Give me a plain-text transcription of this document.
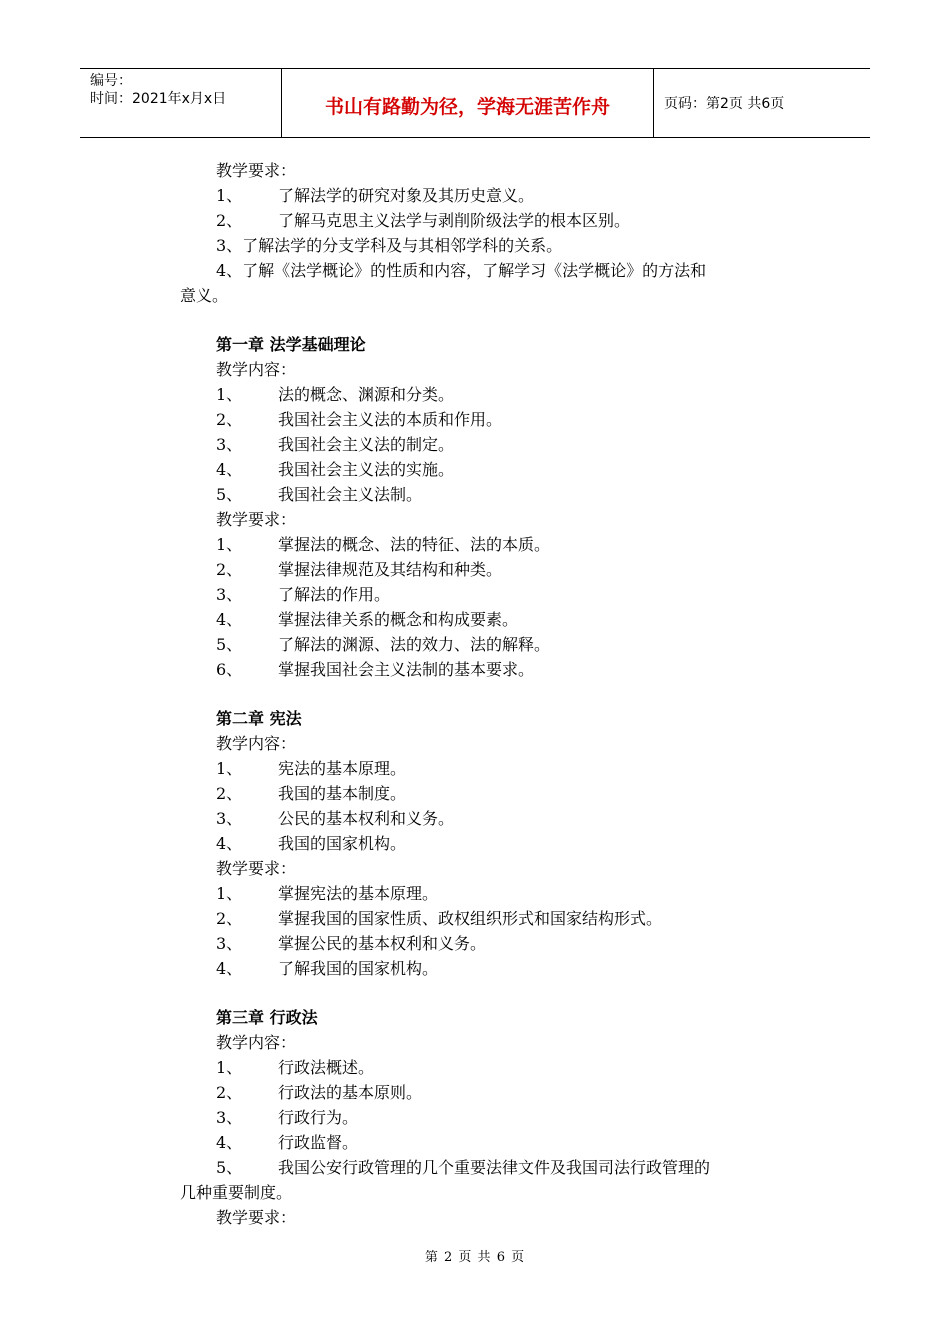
编号：
时间：2021年x月x日	书山有路勤为径，学海无涯苦作舟	页码：第2页 共6页
教学要求：
1、 了解法学的研究对象及其历史意义。
2、 了解马克思主义法学与剥削阶级法学的根本区别。
3、了解法学的分支学科及与其相邻学科的关系。
4、了解《法学概论》的性质和内容，了解学习《法学概论》的方法和
意义。
第一章 法学基础理论
教学内容：
1、 法的概念、渊源和分类。
2、 我国社会主义法的本质和作用。
3、 我国社会主义法的制定。
4、 我国社会主义法的实施。
5、 我国社会主义法制。
教学要求：
1、 掌握法的概念、法的特征、法的本质。
2、 掌握法律规范及其结构和种类。
3、 了解法的作用。
4、 掌握法律关系的概念和构成要素。
5、 了解法的渊源、法的效力、法的解释。
6、 掌握我国社会主义法制的基本要求。
第二章 宪法
教学内容：
1、 宪法的基本原理。
2、 我国的基本制度。
3、 公民的基本权利和义务。
4、 我国的国家机构。
教学要求：
1、 掌握宪法的基本原理。
2、 掌握我国的国家性质、政权组织形式和国家结构形式。
3、 掌握公民的基本权利和义务。
4、 了解我国的国家机构。
第三章 行政法
教学内容：
1、 行政法概述。
2、 行政法的基本原则。
3、 行政行为。
4、 行政监督。
5、 我国公安行政管理的几个重要法律文件及我国司法行政管理的
几种重要制度。
教学要求：
第 2 页 共 6 页
